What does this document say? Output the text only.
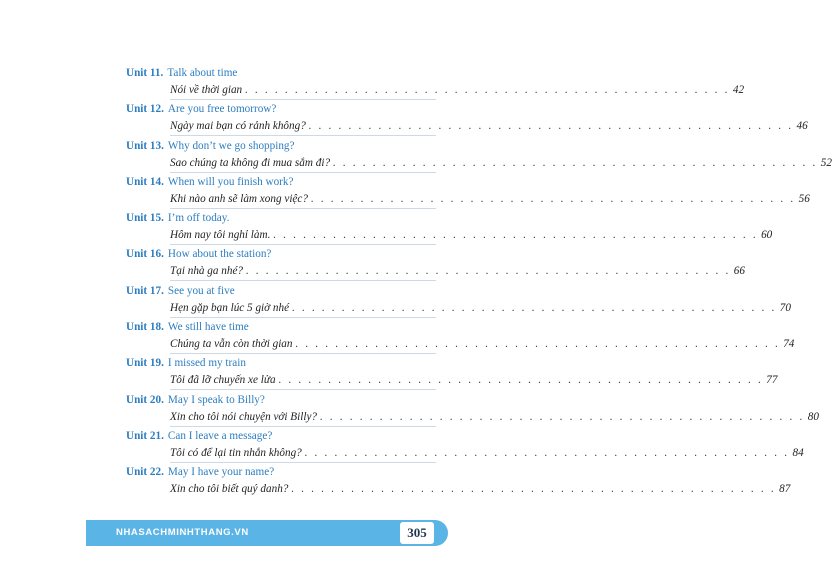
Unit 11. Talk about time
Nói về thời gian . . . . . . . . . . . . . . . . . . . . . . . . . . . . . . . . . . . . . . . . . . . . . . . . . 42
Unit 12. Are you free tomorrow?
Ngày mai bạn có rảnh không? . . . . . . . . . . . . . . . . . . . . . . . . . . . . . . . . . . . . . . . . . . . . . . . . . 46
Unit 13. Why don’t we go shopping?
Sao chúng ta không đi mua sắm đi? . . . . . . . . . . . . . . . . . . . . . . . . . . . . . . . . . . . . . . . . . . . . . . . . . 52
Unit 14. When will you finish work?
Khi nào anh sẽ làm xong việc? . . . . . . . . . . . . . . . . . . . . . . . . . . . . . . . . . . . . . . . . . . . . . . . . . 56
Unit 15. I’m off today.
Hôm nay tôi nghỉ làm. . . . . . . . . . . . . . . . . . . . . . . . . . . . . . . . . . . . . . . . . . . . . . . . . . 60
Unit 16. How about the station?
Tại nhà ga nhé? . . . . . . . . . . . . . . . . . . . . . . . . . . . . . . . . . . . . . . . . . . . . . . . . . 66
Unit 17. See you at five
Hẹn gặp bạn lúc 5 giờ nhé . . . . . . . . . . . . . . . . . . . . . . . . . . . . . . . . . . . . . . . . . . . . . . . . . 70
Unit 18. We still have time
Chúng ta vẫn còn thời gian . . . . . . . . . . . . . . . . . . . . . . . . . . . . . . . . . . . . . . . . . . . . . . . . . 74
Unit 19. I missed my train
Tôi đã lỡ chuyến xe lửa . . . . . . . . . . . . . . . . . . . . . . . . . . . . . . . . . . . . . . . . . . . . . . . . . 77
Unit 20. May I speak to Billy?
Xin cho tôi nói chuyện với Billy? . . . . . . . . . . . . . . . . . . . . . . . . . . . . . . . . . . . . . . . . . . . . . . . . . 80
Unit 21. Can I leave a message?
Tôi có để lại tin nhắn không? . . . . . . . . . . . . . . . . . . . . . . . . . . . . . . . . . . . . . . . . . . . . . . . . . 84
Unit 22. May I have your name?
Xin cho tôi biết quý danh? . . . . . . . . . . . . . . . . . . . . . . . . . . . . . . . . . . . . . . . . . . . . . . . . . 87
NHASACHMINHTHANG.VN	305
